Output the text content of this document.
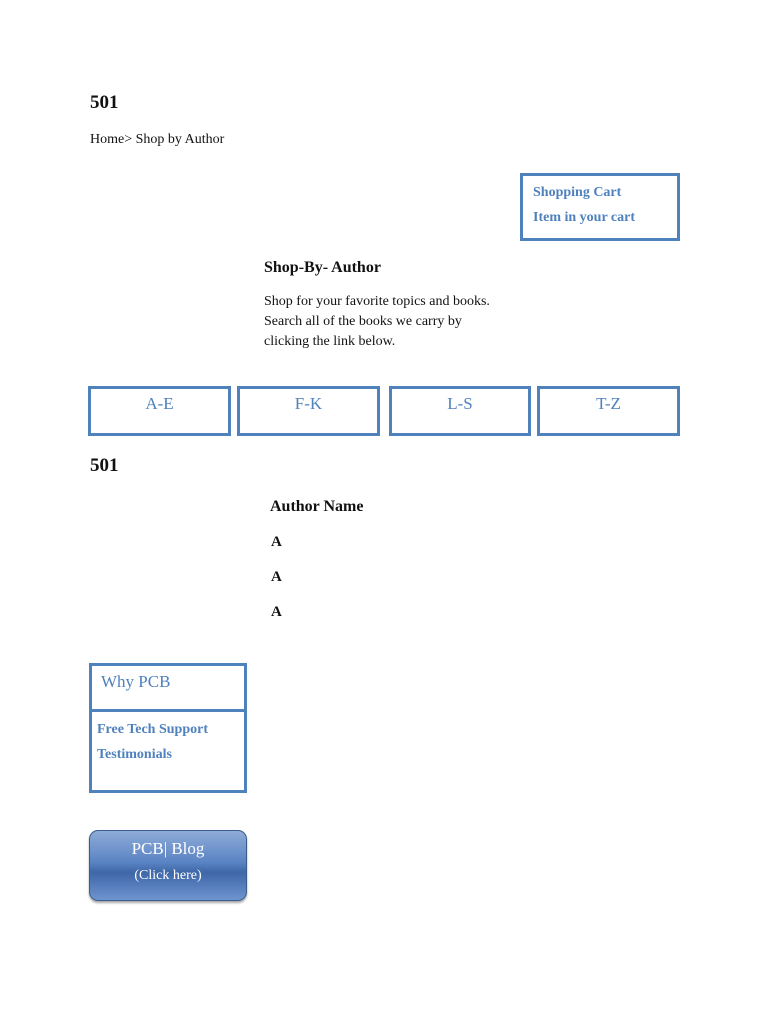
501
Home> Shop by Author
Shopping Cart
Item in your cart
Shop-By- Author
Shop for your favorite topics and books.
Search all of the books we carry by
clicking the link below.
A-E	F-K	L-S	T-Z
501
Author Name
A
A
A
Why PCB
Free Tech Support
Testimonials
PCB| Blog
(Click here)
